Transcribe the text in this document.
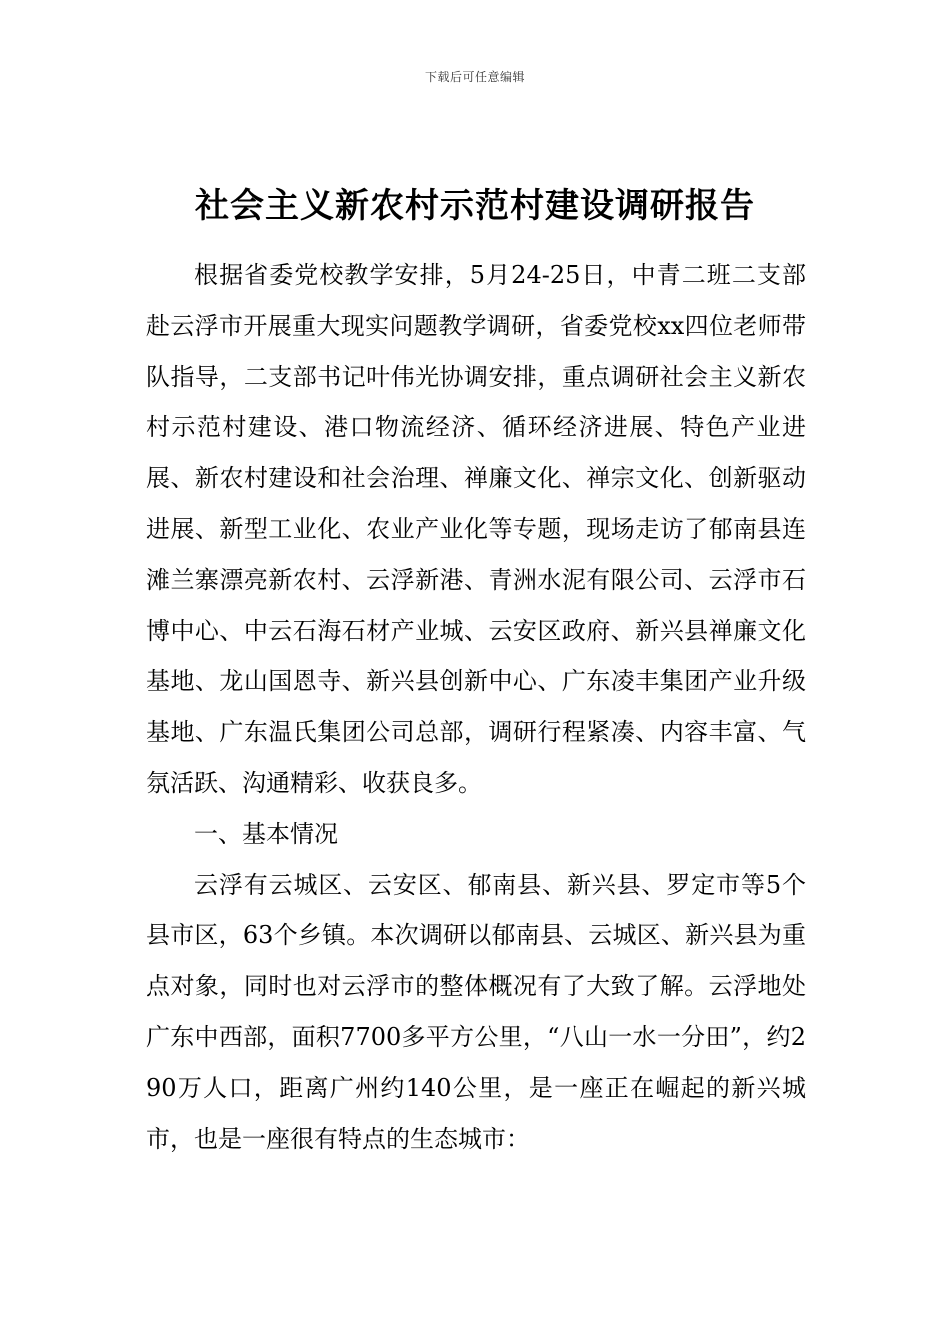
下载后可任意编辑
社会主义新农村示范村建设调研报告

根据省委党校教学安排，5月24-25日，中青二班二支部赴云浮市开展重大现实问题教学调研，省委党校xx四位老师带队指导，二支部书记叶伟光协调安排，重点调研社会主义新农村示范村建设、港口物流经济、循环经济进展、特色产业进展、新农村建设和社会治理、禅廉文化、禅宗文化、创新驱动进展、新型工业化、农业产业化等专题，现场走访了郁南县连滩兰寨漂亮新农村、云浮新港、青洲水泥有限公司、云浮市石博中心、中云石海石材产业城、云安区政府、新兴县禅廉文化基地、龙山国恩寺、新兴县创新中心、广东凌丰集团产业升级基地、广东温氏集团公司总部，调研行程紧凑、内容丰富、气氛活跃、沟通精彩、收获良多。

一、基本情况

云浮有云城区、云安区、郁南县、新兴县、罗定市等5个县市区，63个乡镇。本次调研以郁南县、云城区、新兴县为重点对象，同时也对云浮市的整体概况有了大致了解。云浮地处广东中西部，面积7700多平方公里，“八山一水一分田”，约290万人口，距离广州约140公里，是一座正在崛起的新兴城市，也是一座很有特点的生态城市：
